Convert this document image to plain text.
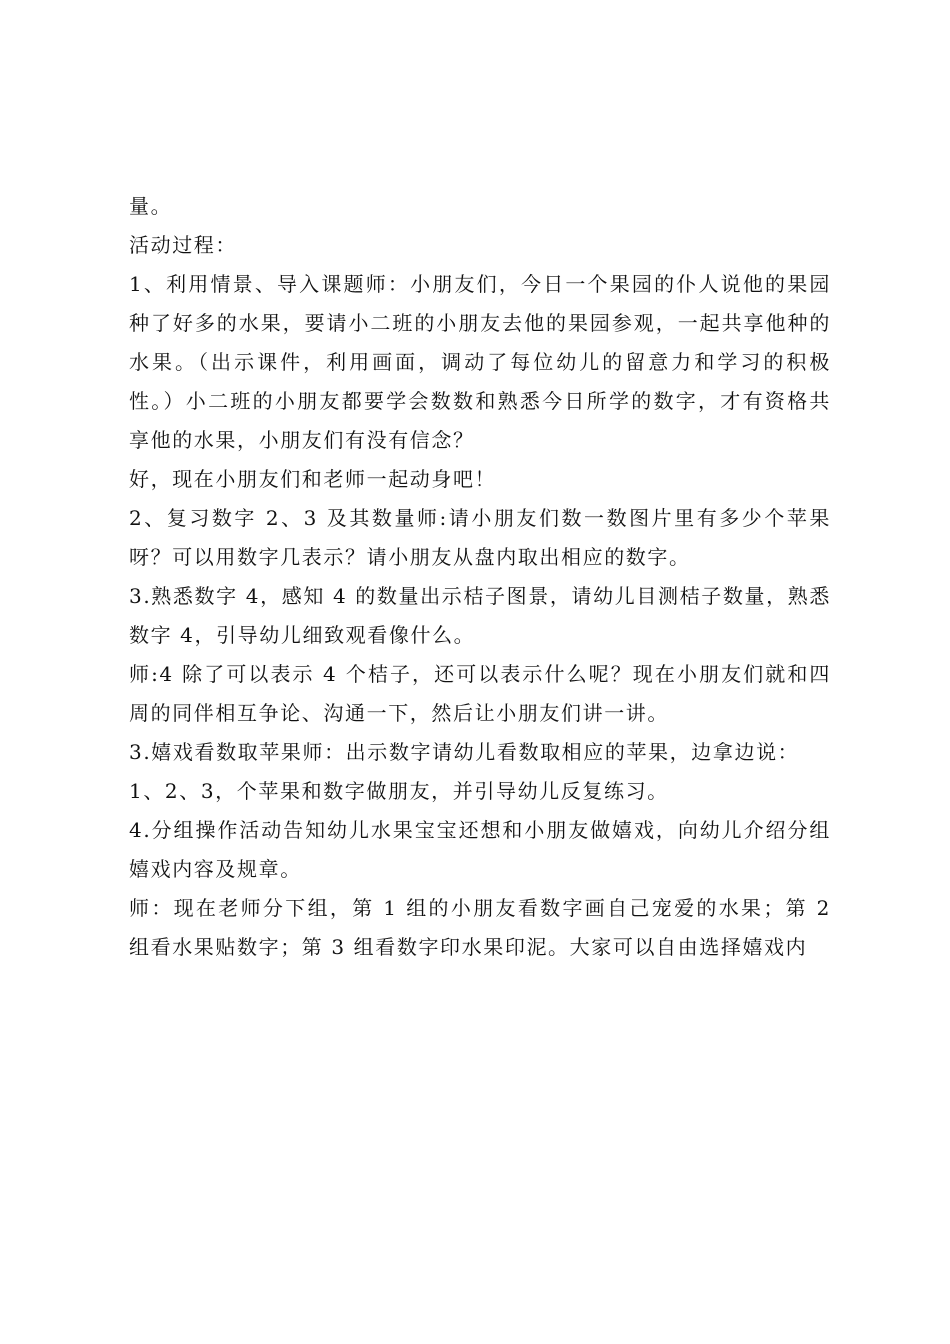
量。

活动过程：

1、利用情景、导入课题师：小朋友们，今日一个果园的仆人说他的果园种了好多的水果，要请小二班的小朋友去他的果园参观，一起共享他种的水果。（出示课件，利用画面，调动了每位幼儿的留意力和学习的积极性。）小二班的小朋友都要学会数数和熟悉今日所学的数字，才有资格共享他的水果，小朋友们有没有信念？

好，现在小朋友们和老师一起动身吧！

2、复习数字 2、3 及其数量师:请小朋友们数一数图片里有多少个苹果呀？可以用数字几表示？请小朋友从盘内取出相应的数字。

3.熟悉数字 4，感知 4 的数量出示桔子图景，请幼儿目测桔子数量，熟悉数字 4，引导幼儿细致观看像什么。

师:4 除了可以表示 4 个桔子，还可以表示什么呢？现在小朋友们就和四周的同伴相互争论、沟通一下，然后让小朋友们讲一讲。

3.嬉戏看数取苹果师：出示数字请幼儿看数取相应的苹果，边拿边说：

1、2、3，个苹果和数字做朋友，并引导幼儿反复练习。

4.分组操作活动告知幼儿水果宝宝还想和小朋友做嬉戏，向幼儿介绍分组嬉戏内容及规章。

师：现在老师分下组，第 1 组的小朋友看数字画自己宠爱的水果；第 2 组看水果贴数字；第 3 组看数字印水果印泥。大家可以自由选择嬉戏内
